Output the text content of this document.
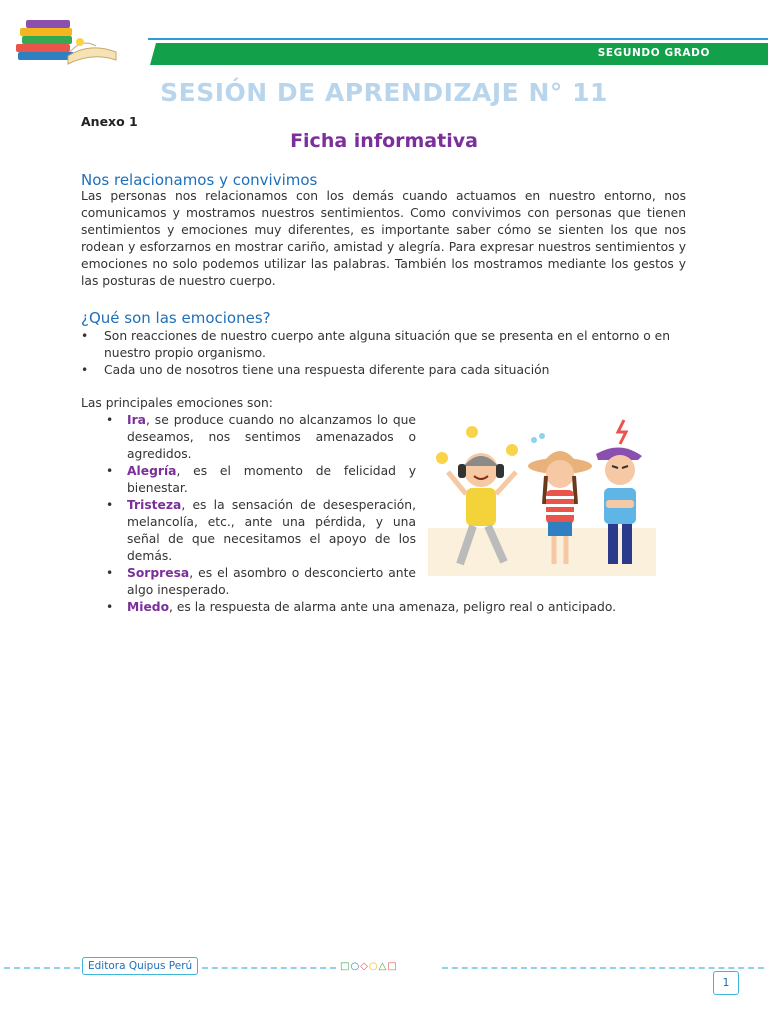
SEGUNDO GRADO
SESIÓN DE APRENDIZAJE N° 11
Anexo 1
Ficha informativa
Nos relacionamos y convivimos
Las personas nos relacionamos con los demás cuando actuamos en nuestro entorno, nos comunicamos y mostramos nuestros sentimientos. Como convivimos con personas que tienen sentimientos y emociones muy diferentes, es importante saber cómo se sienten los que nos rodean y esforzarnos en mostrar cariño, amistad y alegría. Para expresar nuestros sentimientos y emociones no solo podemos utilizar las palabras. También los mostramos mediante los gestos y las posturas de nuestro cuerpo.
¿Qué son las emociones?
• Son reacciones de nuestro cuerpo ante alguna situación que se presenta en el entorno o en nuestro propio organismo.
• Cada uno de nosotros tiene una respuesta diferente para cada situación
Las principales emociones son:
• Ira, se produce cuando no alcanzamos lo que deseamos, nos sentimos amenazados o agredidos.
• Alegría, es el momento de felicidad y bienestar.
• Tristeza, es la sensación de desesperación, melancolía, etc., ante una pérdida, y una señal de que necesitamos el apoyo de los demás.
• Sorpresa, es el asombro o desconcierto ante algo inesperado.
• Miedo, es la respuesta de alarma ante una amenaza, peligro real o anticipado.
Editora Quipus Perú	□○◇○△□
1
